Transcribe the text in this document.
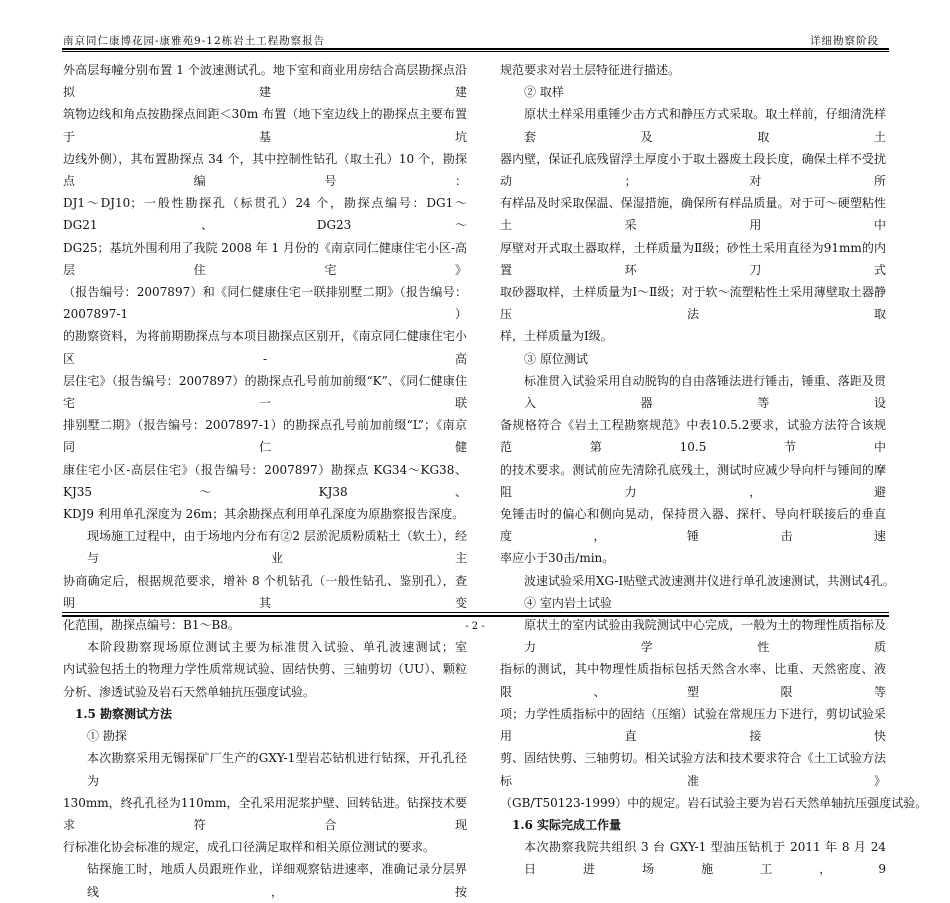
南京同仁康博花园-康雅苑9-12栋岩土工程勘察报告	详细勘察阶段
外高层每幢分别布置 1 个波速测试孔。地下室和商业用房结合高层勘探点沿拟建建
筑物边线和角点按勘探点间距＜30m 布置（地下室边线上的勘探点主要布置于基坑
边线外侧），其布置勘探点 34 个，其中控制性钻孔（取土孔）10 个，勘探点编号：
DJ1～DJ10；一般性勘探孔（标贯孔）24 个，勘探点编号：DG1～DG21、DG23～
DG25；基坑外围利用了我院 2008 年 1 月份的《南京同仁健康住宅小区-高层住宅》
（报告编号：2007897）和《同仁健康住宅一联排别墅二期》（报告编号：2007897-1）
的勘察资料，为将前期勘探点与本项目勘探点区别开，《南京同仁健康住宅小区-高
层住宅》（报告编号：2007897）的勘探点孔号前加前缀“K”、《同仁健康住宅一联
排别墅二期》（报告编号：2007897-1）的勘探点孔号前加前缀“L”；《南京同仁健
康住宅小区-高层住宅》（报告编号：2007897）勘探点 KG34～KG38、KJ35～KJ38、
KDJ9 利用单孔深度为 26m；其余勘探点利用单孔深度为原勘察报告深度。
现场施工过程中，由于场地内分布有②2 层淤泥质粉质粘土（软土），经与业主
协商确定后，根据规范要求，增补 8 个机钻孔（一般性钻孔、鉴别孔），查明其变
化范围，勘探点编号：B1～B8。
本阶段勘察现场原位测试主要为标准贯入试验、单孔波速测试；室
内试验包括土的物理力学性质常规试验、固结快剪、三轴剪切（UU）、颗粒
分析、渗透试验及岩石天然单轴抗压强度试验。
1.5 勘察测试方法
① 勘探
本次勘察采用无锡探矿厂生产的GXY-1型岩芯钻机进行钻探，开孔孔径为
130mm，终孔孔径为110mm，全孔采用泥浆护壁、回转钻进。钻探技术要求符合现
行标准化协会标准的规定，成孔口径满足取样和相关原位测试的要求。
钻探施工时，地质人员跟班作业，详细观察钻进速率，准确记录分层界线，按
规范要求对岩土层特征进行描述。
② 取样
原状土样采用重锤少击方式和静压方式采取。取土样前，仔细清洗样套及取土
器内壁，保证孔底残留浮土厚度小于取土器废土段长度，确保土样不受扰动；对所
有样品及时采取保温、保湿措施，确保所有样品质量。对于可～硬塑粘性土采用中
厚壁对开式取土器取样，土样质量为Ⅱ级；砂性土采用直径为91mm的内置环刀式
取砂器取样，土样质量为Ⅰ～Ⅱ级；对于软～流塑粘性土采用薄壁取土器静压法取
样，土样质量为Ⅰ级。
③ 原位测试
标准贯入试验采用自动脱钩的自由落锤法进行锤击，锤重、落距及贯入器等设
备规格符合《岩土工程勘察规范》中表10.5.2要求，试验方法符合该规范第10.5节中
的技术要求。测试前应先清除孔底残土，测试时应减少导向杆与锤间的摩阻力，避
免锤击时的偏心和侧向晃动，保持贯入器、探杆、导向杆联接后的垂直度，锤击速
率应小于30击/min。
波速试验采用XG-I贴壁式波速测井仪进行单孔波速测试，共测试4孔。
④ 室内岩土试验
原状土的室内试验由我院测试中心完成，一般为土的物理性质指标及力学性质
指标的测试，其中物理性质指标包括天然含水率、比重、天然密度、液限、塑限等
项；力学性质指标中的固结（压缩）试验在常规压力下进行，剪切试验采用直接快
剪、固结快剪、三轴剪切。相关试验方法和技术要求符合《土工试验方法标准》
（GB/T50123-1999）中的规定。岩石试验主要为岩石天然单轴抗压强度试验。
1.6 实际完成工作量
本次勘察我院共组织 3 台 GXY-1 型油压钻机于 2011 年 8 月 24 日进场施工，9
- 2 -
